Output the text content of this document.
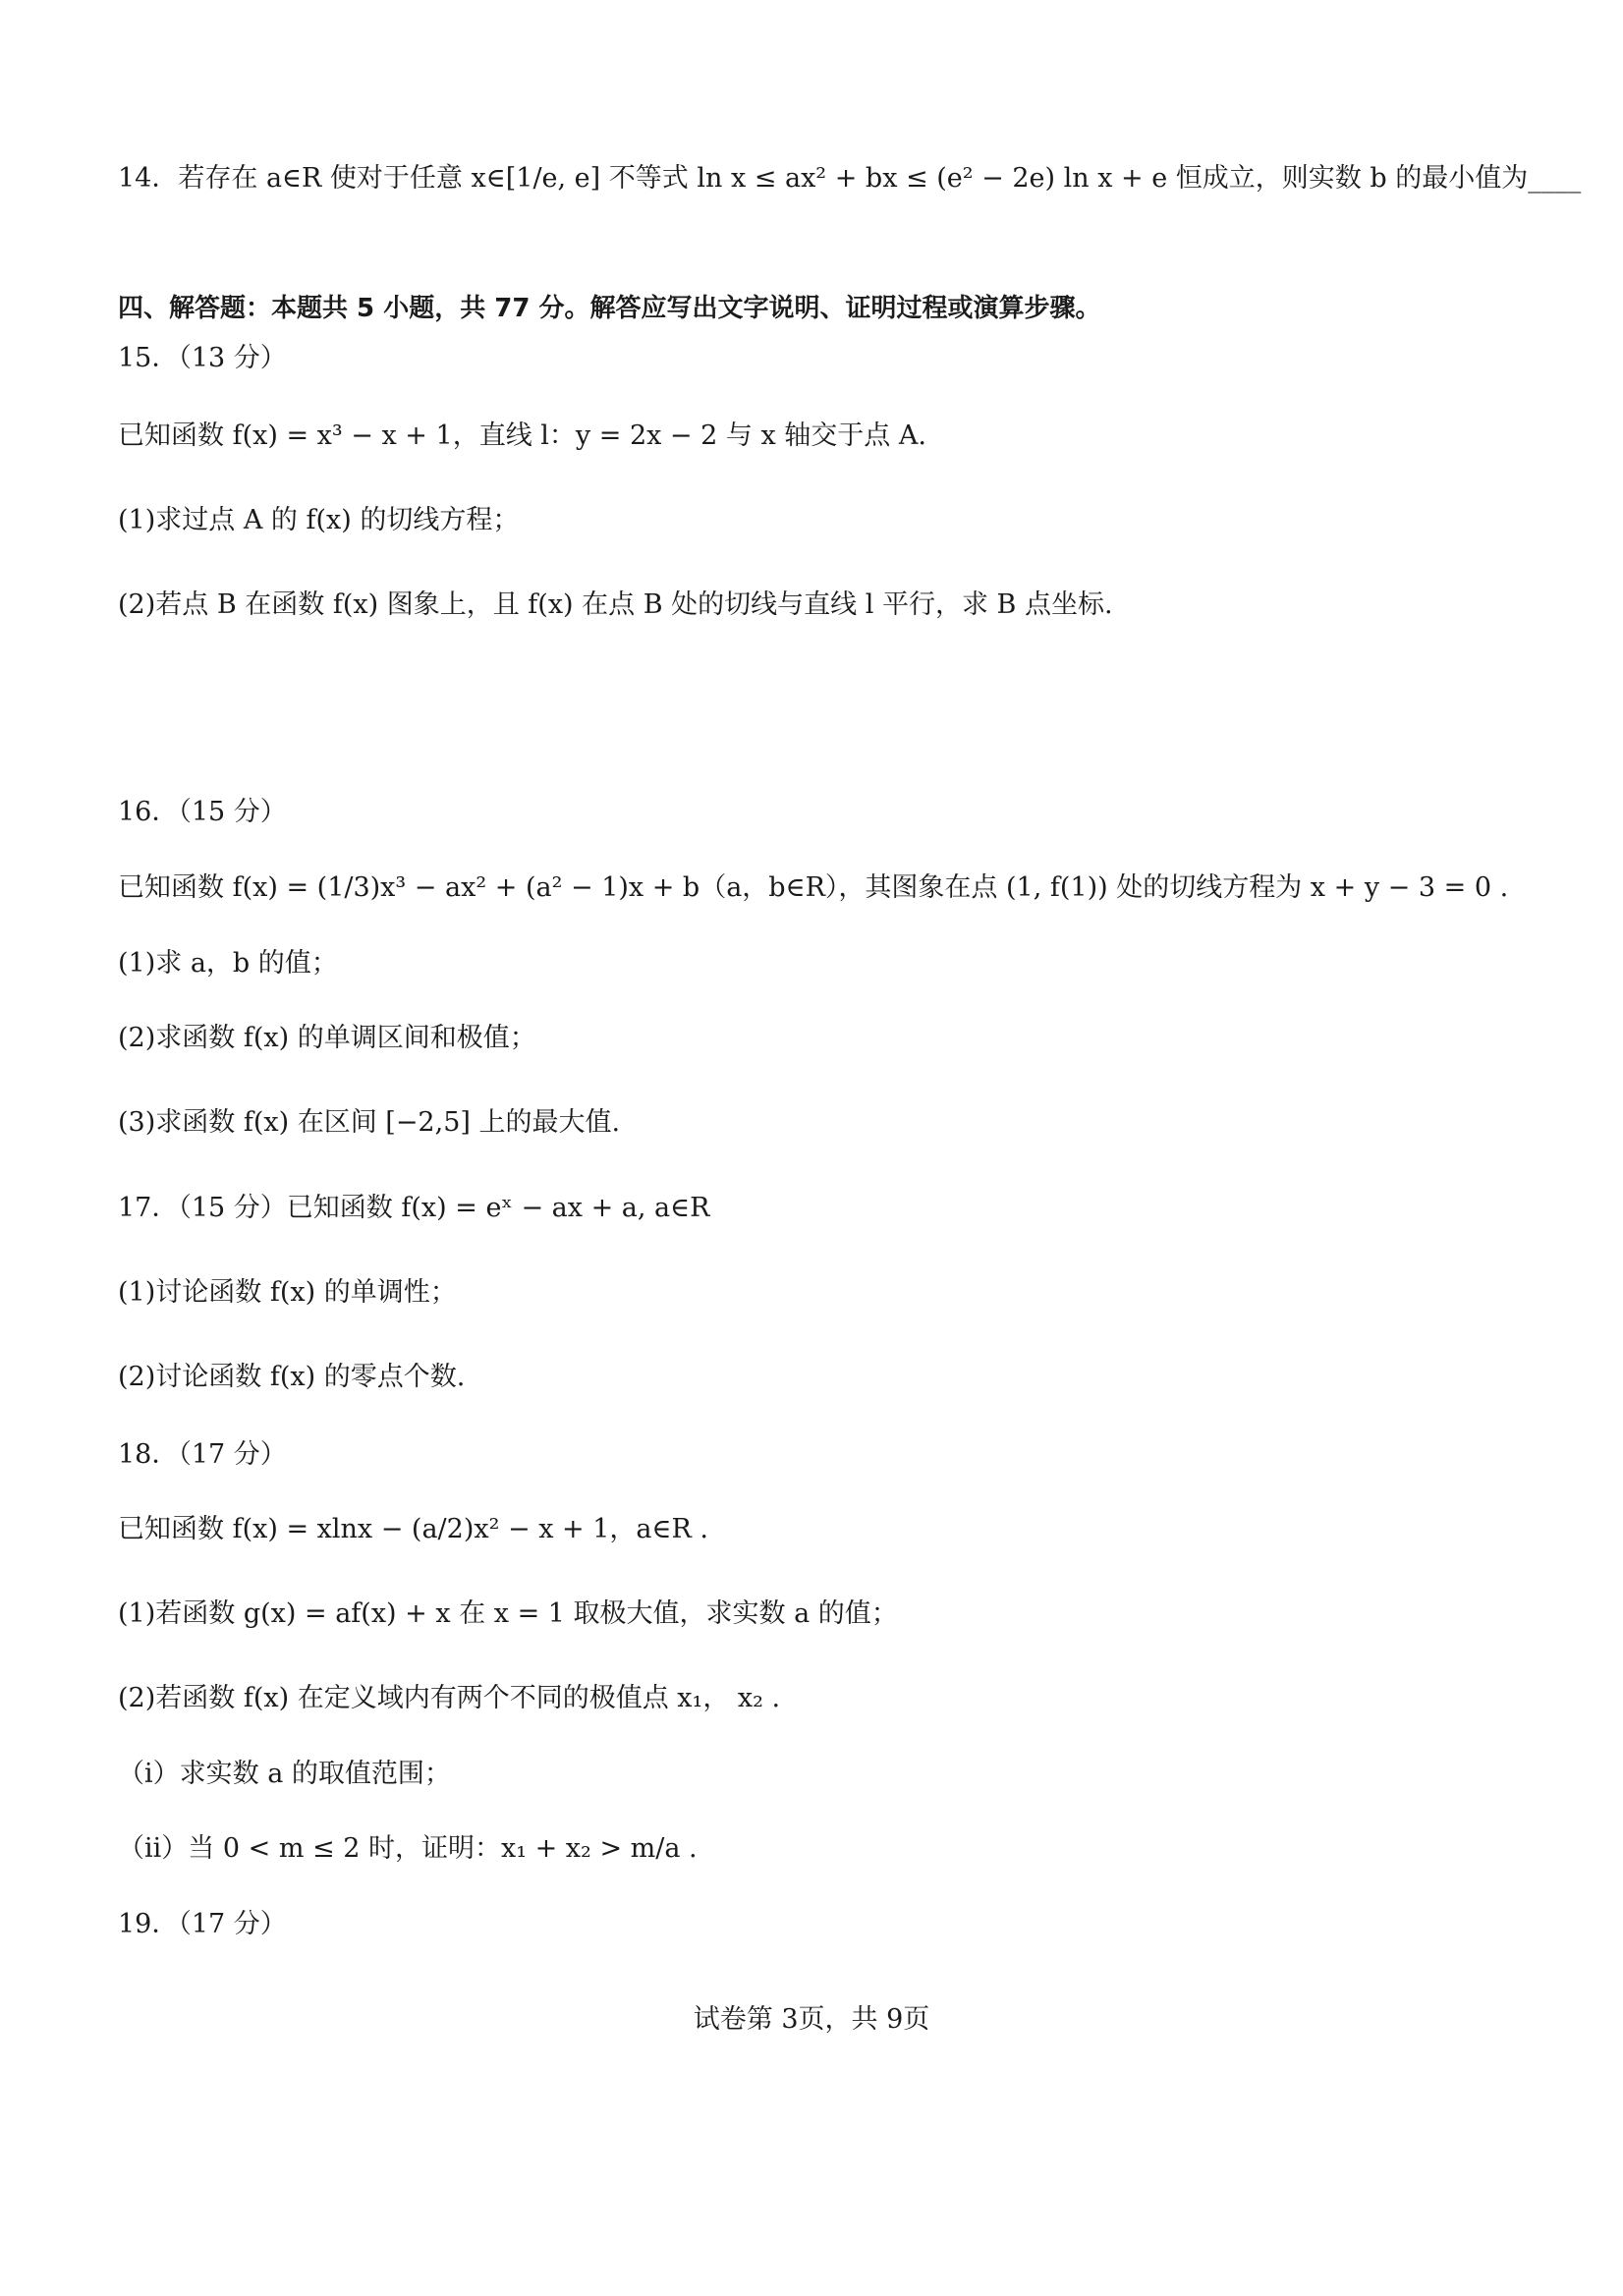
14．若存在 a∈R 使对于任意 x∈[1/e, e] 不等式 ln x ≤ ax² + bx ≤ (e² − 2e) ln x + e 恒成立，则实数 b 的最小值为____
四、解答题：本题共 5 小题，共 77 分。解答应写出文字说明、证明过程或演算步骤。
15．（13 分）
已知函数 f(x) = x³ − x + 1，直线 l：y = 2x − 2 与 x 轴交于点 A.
(1)求过点 A 的 f(x) 的切线方程；
(2)若点 B 在函数 f(x) 图象上，且 f(x) 在点 B 处的切线与直线 l 平行，求 B 点坐标.
16．（15 分）
已知函数 f(x) = (1/3)x³ − ax² + (a² − 1)x + b（a，b∈R），其图象在点 (1, f(1)) 处的切线方程为 x + y − 3 = 0 .
(1)求 a，b 的值；
(2)求函数 f(x) 的单调区间和极值；
(3)求函数 f(x) 在区间 [−2,5] 上的最大值.
17．（15 分）已知函数 f(x) = eˣ − ax + a, a∈R
(1)讨论函数 f(x) 的单调性；
(2)讨论函数 f(x) 的零点个数.
18．（17 分）
已知函数 f(x) = xlnx − (a/2)x² − x + 1，a∈R .
(1)若函数 g(x) = af(x) + x 在 x = 1 取极大值，求实数 a 的值；
(2)若函数 f(x) 在定义域内有两个不同的极值点 x₁， x₂ .
（i）求实数 a 的取值范围；
（ii）当 0 < m ≤ 2 时，证明：x₁ + x₂ > m/a .
19．（17 分）
试卷第 3页，共 9页
